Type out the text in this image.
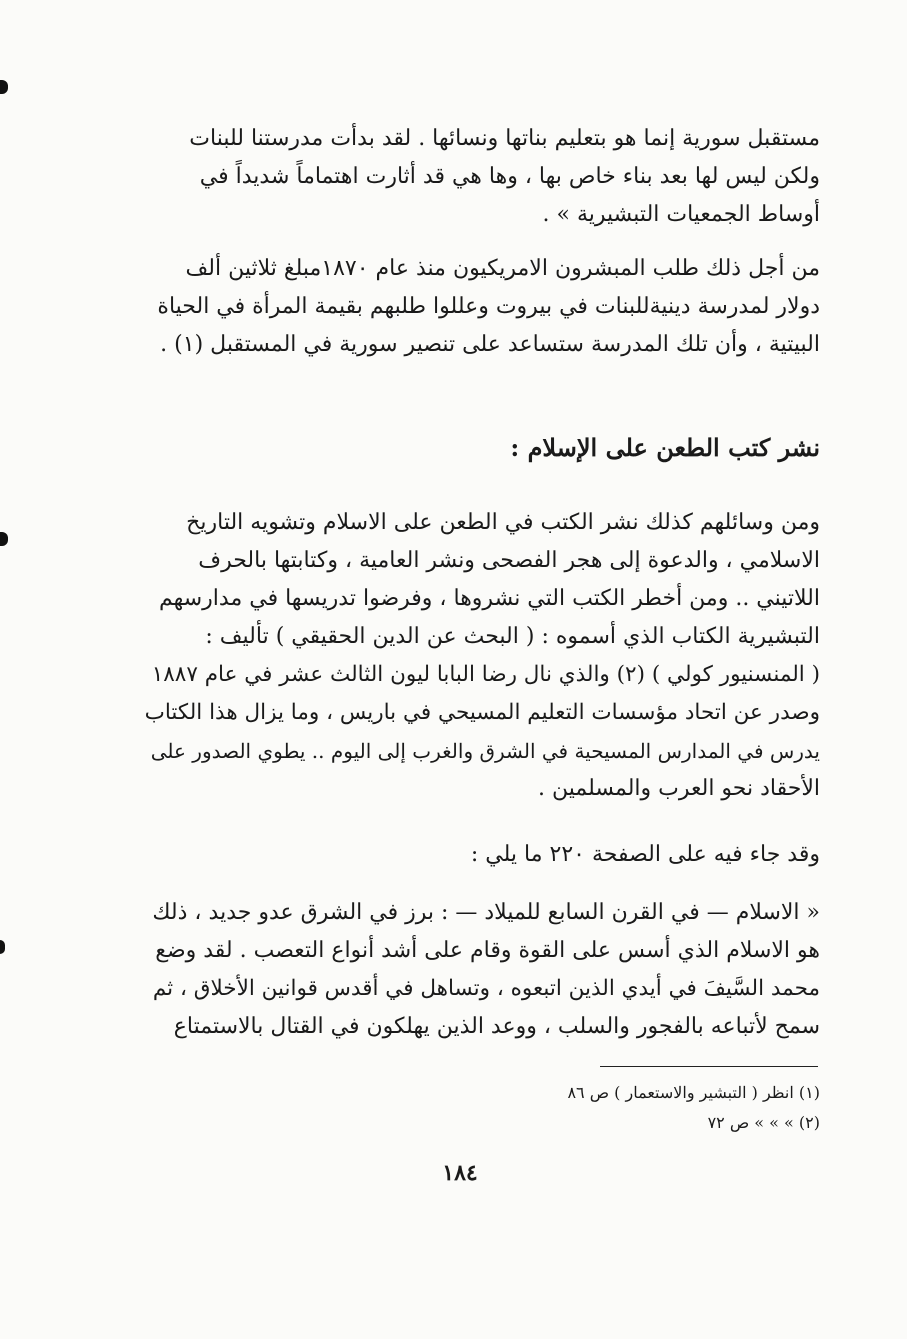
مستقبل سورية إنما هو بتعليم بناتها ونسائها . لقد بدأت مدرستنا للبنات
ولكن ليس لها بعد بناء خاص بها ، وها هي قد أثارت اهتماماً شديداً في
أوساط الجمعيات التبشيرية » .
من أجل ذلك طلب المبشرون الامريكيون منذ عام ١٨٧٠مبلغ ثلاثين ألف
دولار لمدرسة دينيةللبنات في بيروت وعللوا طلبهم بقيمة المرأة في الحياة
البيتية ، وأن تلك المدرسة ستساعد على تنصير سورية في المستقبل (١) .
نشر كتب الطعن على الإسلام :
ومن وسائلهم كذلك نشر الكتب في الطعن على الاسلام وتشويه التاريخ
الاسلامي ، والدعوة إلى هجر الفصحى ونشر العامية ، وكتابتها بالحرف
اللاتيني .. ومن أخطر الكتب التي نشروها ، وفرضوا تدريسها في مدارسهم
التبشيرية الكتاب الذي أسموه : ( البحث عن الدين الحقيقي ) تأليف :
( المنسنيور كولي ) (٢) والذي نال رضا البابا ليون الثالث عشر في عام ١٨٨٧
وصدر عن اتحاد مؤسسات التعليم المسيحي في باريس ، وما يزال هذا الكتاب
يدرس في المدارس المسيحية في الشرق والغرب إلى اليوم .. يطوي الصدور على
الأحقاد نحو العرب والمسلمين .
وقد جاء فيه على الصفحة ٢٢٠ ما يلي :
« الاسلام — في القرن السابع للميلاد — : برز في الشرق عدو جديد ، ذلك
هو الاسلام الذي أسس على القوة وقام على أشد أنواع التعصب . لقد وضع
محمد السَّيفَ في أيدي الذين اتبعوه ، وتساهل في أقدس قوانين الأخلاق ، ثم
سمح لأتباعه بالفجور والسلب ، ووعد الذين يهلكون في القتال بالاستمتاع
(١) انظر ( التبشير والاستعمار ) ص ٨٦
(٢) » » » ص ٧٢
١٨٤
